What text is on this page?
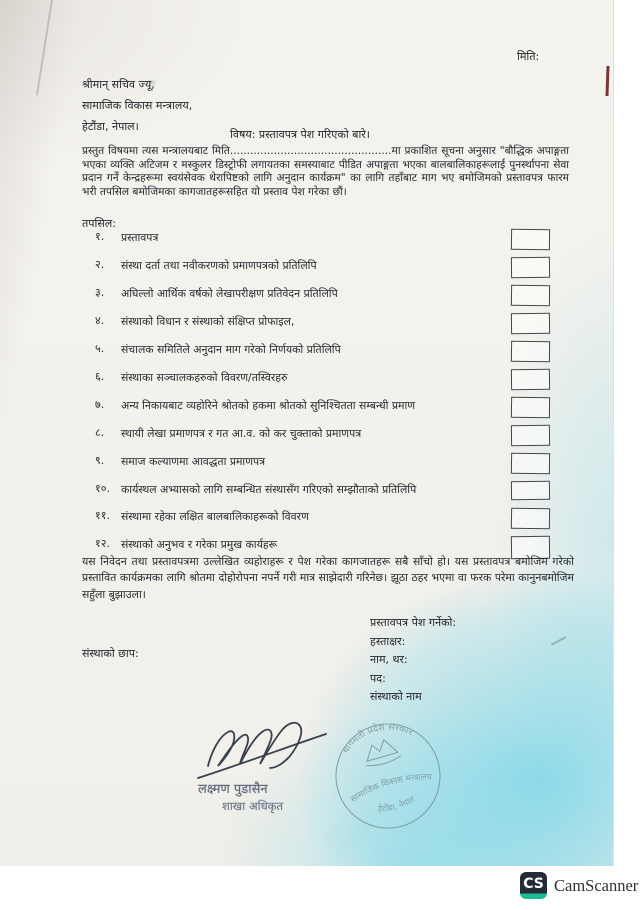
मिति:
श्रीमान् सचिव ज्यू,
सामाजिक विकास मन्त्रालय,
हेटौंडा, नेपाल।
विषय: प्रस्तावपत्र पेश गरिएको बारे।
प्रस्तुत विषयमा त्यस मन्त्रालयबाट मिति................................................मा प्रकाशित सूचना अनुसार "बौद्धिक अपाङ्गता भएका व्यक्ति अटिजम र मस्कुलर डिस्ट्रोफी लगायतका समस्याबाट पीडित अपाङ्गता भएका बालबालिकाहरूलाई पुनर्स्थापना सेवा प्रदान गर्ने केन्द्रहरूमा स्वयंसेवक थेरापिष्टको लागि अनुदान कार्यक्रम" का लागि तहाँबाट माग भए बमोजिमको प्रस्तावपत्र फारम भरी तपसिल बमोजिमका कागजातहरूसहित यो प्रस्ताव पेश गरेका छौं।
तपसिल:
१.	प्रस्तावपत्र
२.	संस्था दर्ता तथा नवीकरणको प्रमाणपत्रको प्रतिलिपि
३.	अघिल्लो आर्थिक वर्षको लेखापरीक्षण प्रतिवेदन प्रतिलिपि
४.	संस्थाको विधान र संस्थाको संक्षिप्त प्रोफाइल,
५.	संचालक समितिले अनुदान माग गरेको निर्णयको प्रतिलिपि
६.	संस्थाका सञ्चालकहरुको विवरण/तस्विरहरु
७.	अन्य निकायबाट व्यहोरिने श्रोतको हकमा श्रोतको सुनिश्चितता सम्बन्धी प्रमाण
८.	स्थायी लेखा प्रमाणपत्र र गत आ.व. को कर चुक्ताको प्रमाणपत्र
९.	समाज कल्याणमा आवद्धता प्रमाणपत्र
१०.	कार्यस्थल अभ्यासको लागि सम्बन्धित संस्थासँग गरिएको सम्झौताको प्रतिलिपि
११.	संस्थामा रहेका लक्षित बालबालिकाहरूको विवरण
१२.	संस्थाको अनुभव र गरेका प्रमुख कार्यहरू
यस निवेदन तथा प्रस्तावपत्रमा उल्लेखित व्यहोराहरू र पेश गरेका कागजातहरू सबै साँचो हो। यस प्रस्तावपत्र बमोजिम गरेको प्रस्तावित कार्यक्रमका लागि श्रोतमा दोहोरोपना नपर्ने गरी मात्र साझेदारी गरिनेछ। झूठा ठहर भएमा वा फरक परेमा कानुनबमोजिम सहुँला बुझाउला।
प्रस्तावपत्र पेश गर्नेको:
हस्ताक्षर:
नाम, थर:
पद:
संस्थाको नाम
संस्थाको छाप:
लक्ष्मण पुडासैन
शाखा अधिकृत
बागमती प्रदेश सरकार
सामाजिक विकास मन्त्रालय
हेटौंडा, नेपाल
CS CamScanner
